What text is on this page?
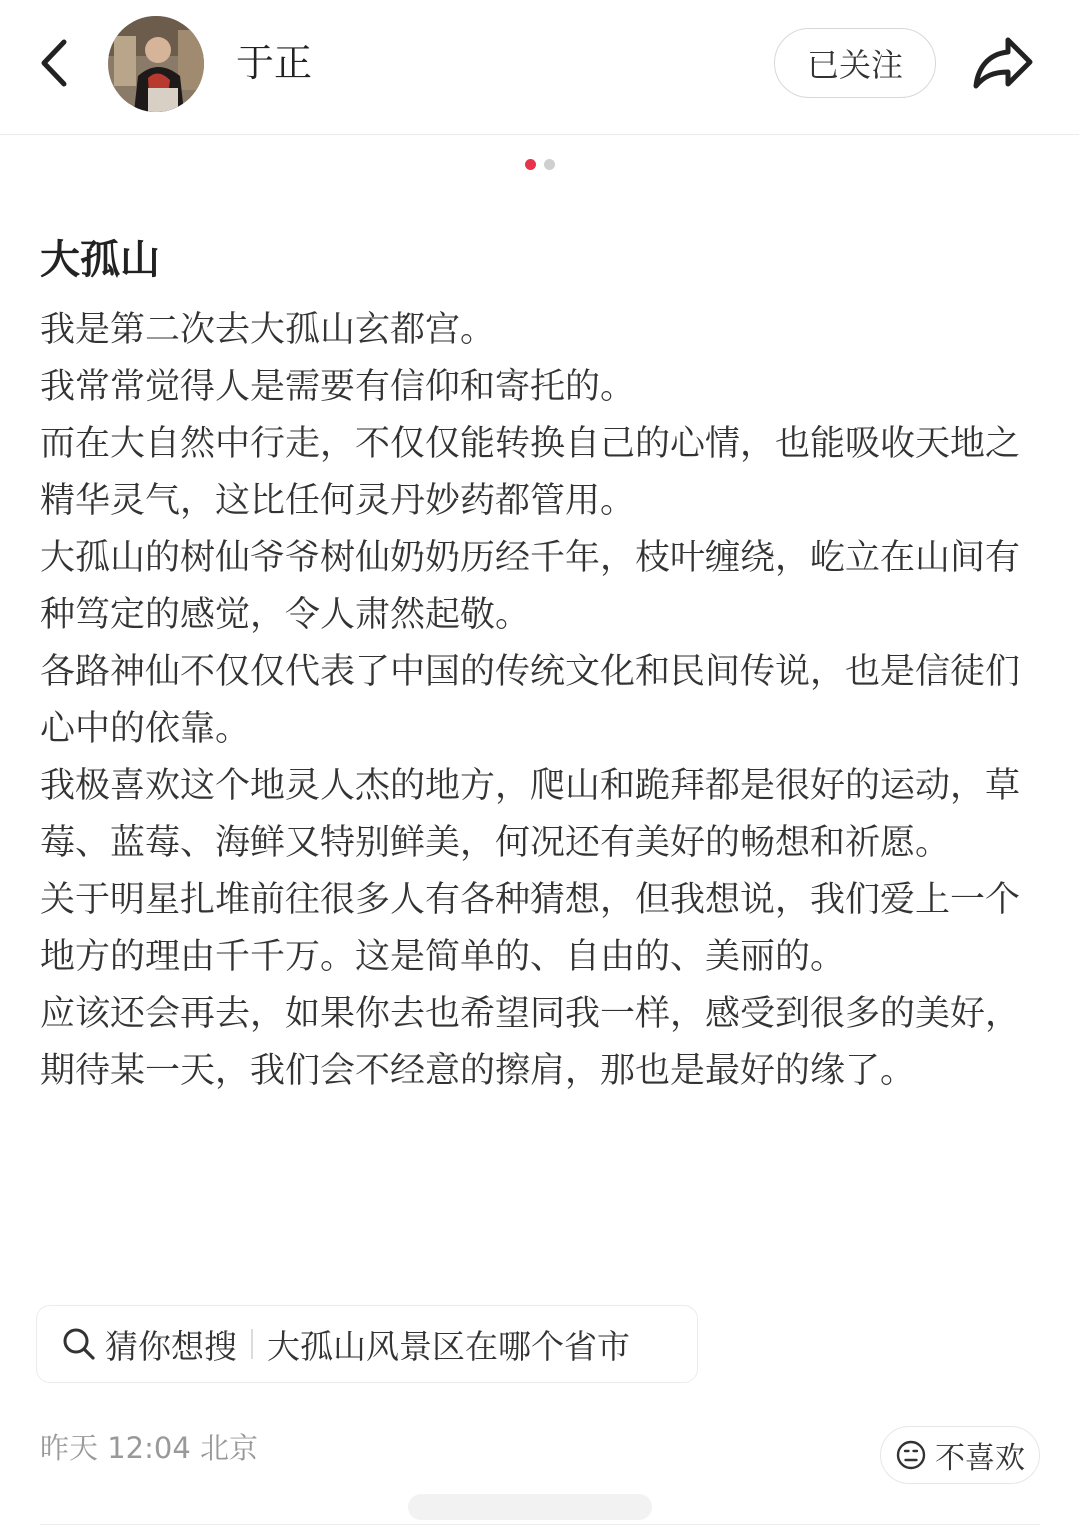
于正	已关注
大孤山

我是第二次去大孤山玄都宫。

我常常觉得人是需要有信仰和寄托的。

而在大自然中行走，不仅仅能转换自己的心情，也能吸收天地之精华灵气，这比任何灵丹妙药都管用。

大孤山的树仙爷爷树仙奶奶历经千年，枝叶缠绕，屹立在山间有种笃定的感觉，令人肃然起敬。

各路神仙不仅仅代表了中国的传统文化和民间传说，也是信徒们心中的依靠。

我极喜欢这个地灵人杰的地方，爬山和跪拜都是很好的运动，草莓、蓝莓、海鲜又特别鲜美，何况还有美好的畅想和祈愿。

关于明星扎堆前往很多人有各种猜想，但我想说，我们爱上一个地方的理由千千万。这是简单的、自由的、美丽的。

应该还会再去，如果你去也希望同我一样，感受到很多的美好，期待某一天，我们会不经意的擦肩，那也是最好的缘了。

猜你想搜 大孤山风景区在哪个省市
昨天 12:04 北京	不喜欢
